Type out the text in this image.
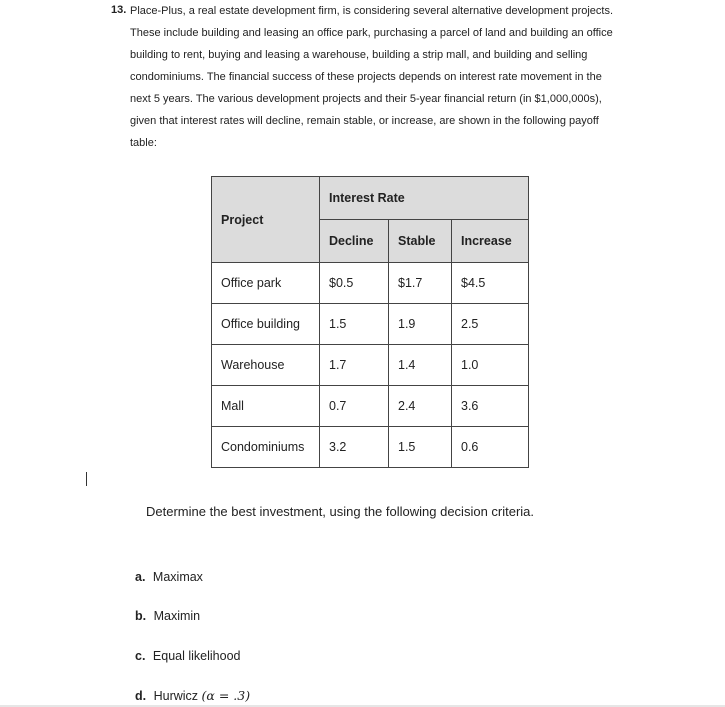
13. Place-Plus, a real estate development firm, is considering several alternative development projects.
These include building and leasing an office park, purchasing a parcel of land and building an office
building to rent, buying and leasing a warehouse, building a strip mall, and building and selling
condominiums. The financial success of these projects depends on interest rate movement in the
next 5 years. The various development projects and their 5-year financial return (in $1,000,000s),
given that interest rates will decline, remain stable, or increase, are shown in the following payoff
table:
Project	Interest Rate		
	Decline	Stable	Increase
Office park	$0.5	$1.7	$4.5
Office building	1.5	1.9	2.5
Warehouse	1.7	1.4	1.0
Mall	0.7	2.4	3.6
Condominiums	3.2	1.5	0.6
Determine the best investment, using the following decision criteria.
a. Maximax
b. Maximin
c. Equal likelihood
d. Hurwicz (α = .3)
